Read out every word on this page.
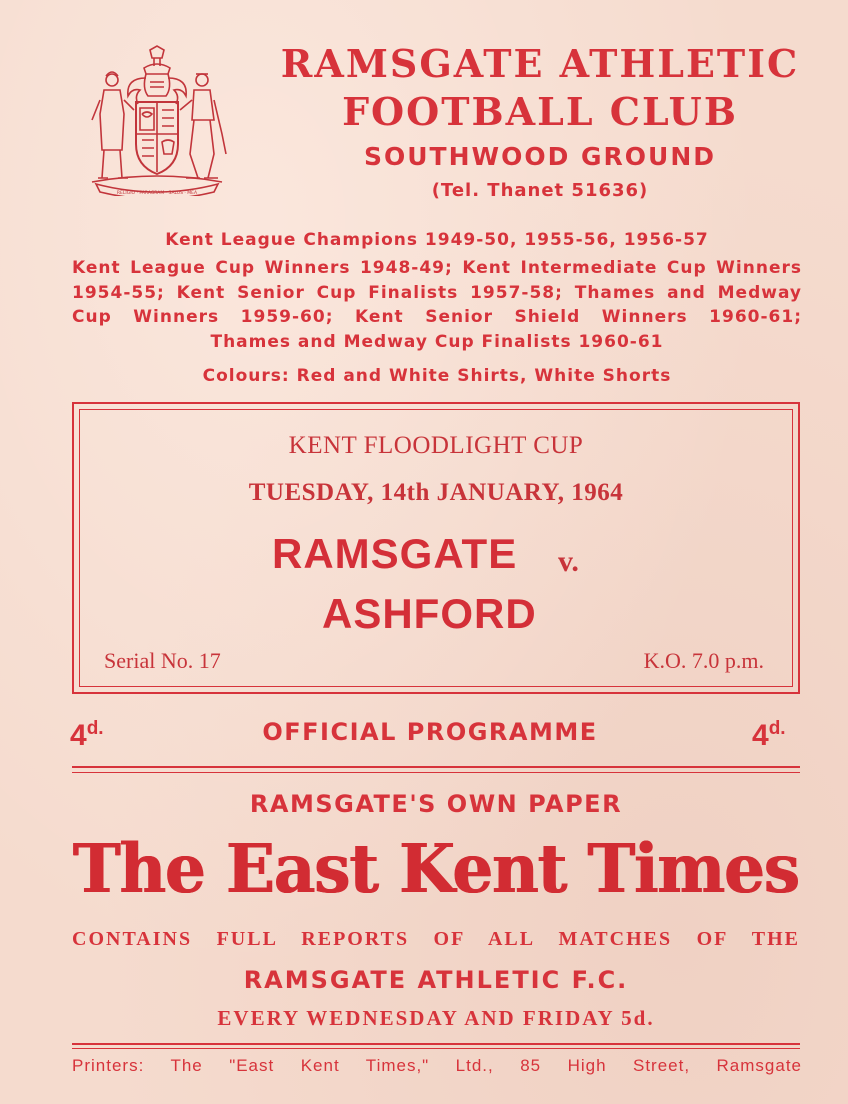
RELIGIO · PARAGRAM · SALUS · MEA
RAMSGATE ATHLETIC
FOOTBALL CLUB
SOUTHWOOD GROUND
(Tel. Thanet 51636)
Kent League Champions 1949-50, 1955-56, 1956-57
Kent League Cup Winners 1948-49; Kent Intermediate Cup Winners
1954-55; Kent Senior Cup Finalists 1957-58; Thames and Medway
Cup Winners 1959-60; Kent Senior Shield Winners 1960-61;
Thames and Medway Cup Finalists 1960-61
Colours: Red and White Shirts, White Shorts
KENT FLOODLIGHT CUP
TUESDAY, 14th JANUARY, 1964
RAMSGATE v.
ASHFORD
Serial No. 17	K.O. 7.0 p.m.
$4^{d.}$	OFFICIAL PROGRAMME	$4^{d.}$
RAMSGATE'S OWN PAPER
The East Kent Times
CONTAINS FULL REPORTS OF ALL MATCHES OF THE
RAMSGATE ATHLETIC F.C.
EVERY WEDNESDAY AND FRIDAY 5d.
Printers: The "East Kent Times," Ltd., 85 High Street, Ramsgate
